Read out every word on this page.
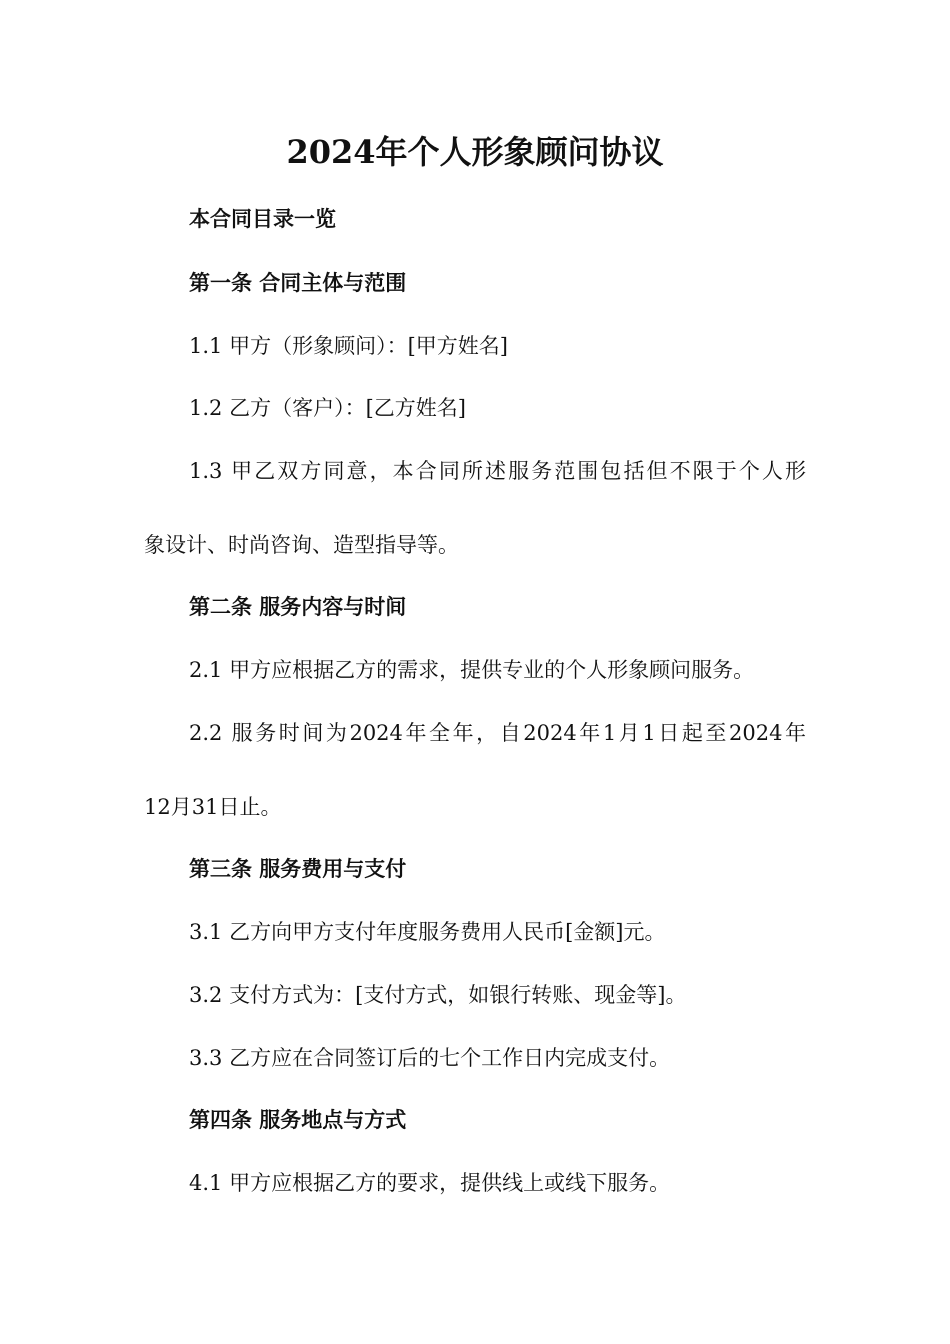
2024年个人形象顾问协议
本合同目录一览
第一条 合同主体与范围
1.1 甲方（形象顾问）：[甲方姓名]
1.2 乙方（客户）：[乙方姓名]
1.3 甲乙双方同意，本合同所述服务范围包括但不限于个人形
象设计、时尚咨询、造型指导等。
第二条 服务内容与时间
2.1 甲方应根据乙方的需求，提供专业的个人形象顾问服务。
2.2 服务时间为2024年全年，自2024年1月1日起至2024年
12月31日止。
第三条 服务费用与支付
3.1 乙方向甲方支付年度服务费用人民币[金额]元。
3.2 支付方式为：[支付方式，如银行转账、现金等]。
3.3 乙方应在合同签订后的七个工作日内完成支付。
第四条 服务地点与方式
4.1 甲方应根据乙方的要求，提供线上或线下服务。
